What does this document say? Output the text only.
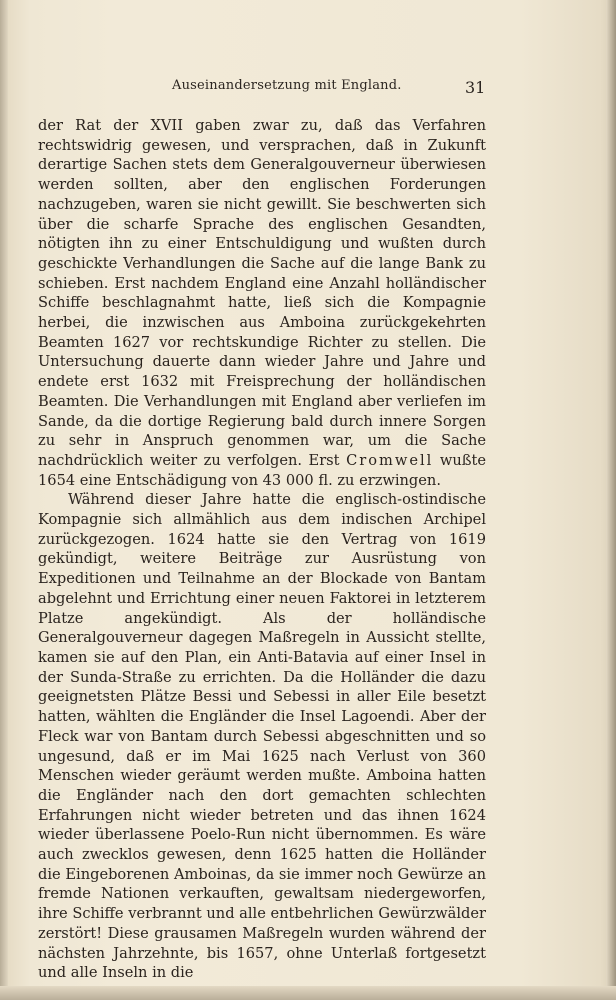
Auseinandersetzung mit England.	31

der Rat der XVII gaben zwar zu, daß das Verfahren rechtswidrig gewesen, und versprachen, daß in Zukunft derartige Sachen stets dem Generalgouverneur überwiesen werden sollten, aber den englischen Forderungen nachzugeben, waren sie nicht gewillt. Sie beschwerten sich über die scharfe Sprache des englischen Gesandten, nötigten ihn zu einer Entschuldigung und wußten durch geschickte Verhandlungen die Sache auf die lange Bank zu schieben. Erst nachdem England eine Anzahl holländischer Schiffe beschlagnahmt hatte, ließ sich die Kompagnie herbei, die inzwischen aus Amboina zurückgekehrten Beamten 1627 vor rechtskundige Richter zu stellen. Die Untersuchung dauerte dann wieder Jahre und Jahre und endete erst 1632 mit Freisprechung der holländischen Beamten. Die Verhandlungen mit England aber verliefen im Sande, da die dortige Regierung bald durch innere Sorgen zu sehr in Anspruch genommen war, um die Sache nachdrücklich weiter zu verfolgen. Erst Cromwell wußte 1654 eine Entschädigung von 43 000 fl. zu erzwingen.

Während dieser Jahre hatte die englisch-ostindische Kompagnie sich allmählich aus dem indischen Archipel zurückgezogen. 1624 hatte sie den Vertrag von 1619 gekündigt, weitere Beiträge zur Ausrüstung von Expeditionen und Teilnahme an der Blockade von Bantam abgelehnt und Errichtung einer neuen Faktorei in letzterem Platze angekündigt. Als der holländische Generalgouverneur dagegen Maßregeln in Aussicht stellte, kamen sie auf den Plan, ein Anti-Batavia auf einer Insel in der Sunda-Straße zu errichten. Da die Holländer die dazu geeignetsten Plätze Bessi und Sebessi in aller Eile besetzt hatten, wählten die Engländer die Insel Lagoendi. Aber der Fleck war von Bantam durch Sebessi abgeschnitten und so ungesund, daß er im Mai 1625 nach Verlust von 360 Menschen wieder geräumt werden mußte. Amboina hatten die Engländer nach den dort gemachten schlechten Erfahrungen nicht wieder betreten und das ihnen 1624 wieder überlassene Poelo-Run nicht übernommen. Es wäre auch zwecklos gewesen, denn 1625 hatten die Holländer die Eingeborenen Amboinas, da sie immer noch Gewürze an fremde Nationen verkauften, gewaltsam niedergeworfen, ihre Schiffe verbrannt und alle entbehrlichen Gewürzwälder zerstört! Diese grausamen Maßregeln wurden während der nächsten Jahrzehnte, bis 1657, ohne Unterlaß fortgesetzt und alle Inseln in die
